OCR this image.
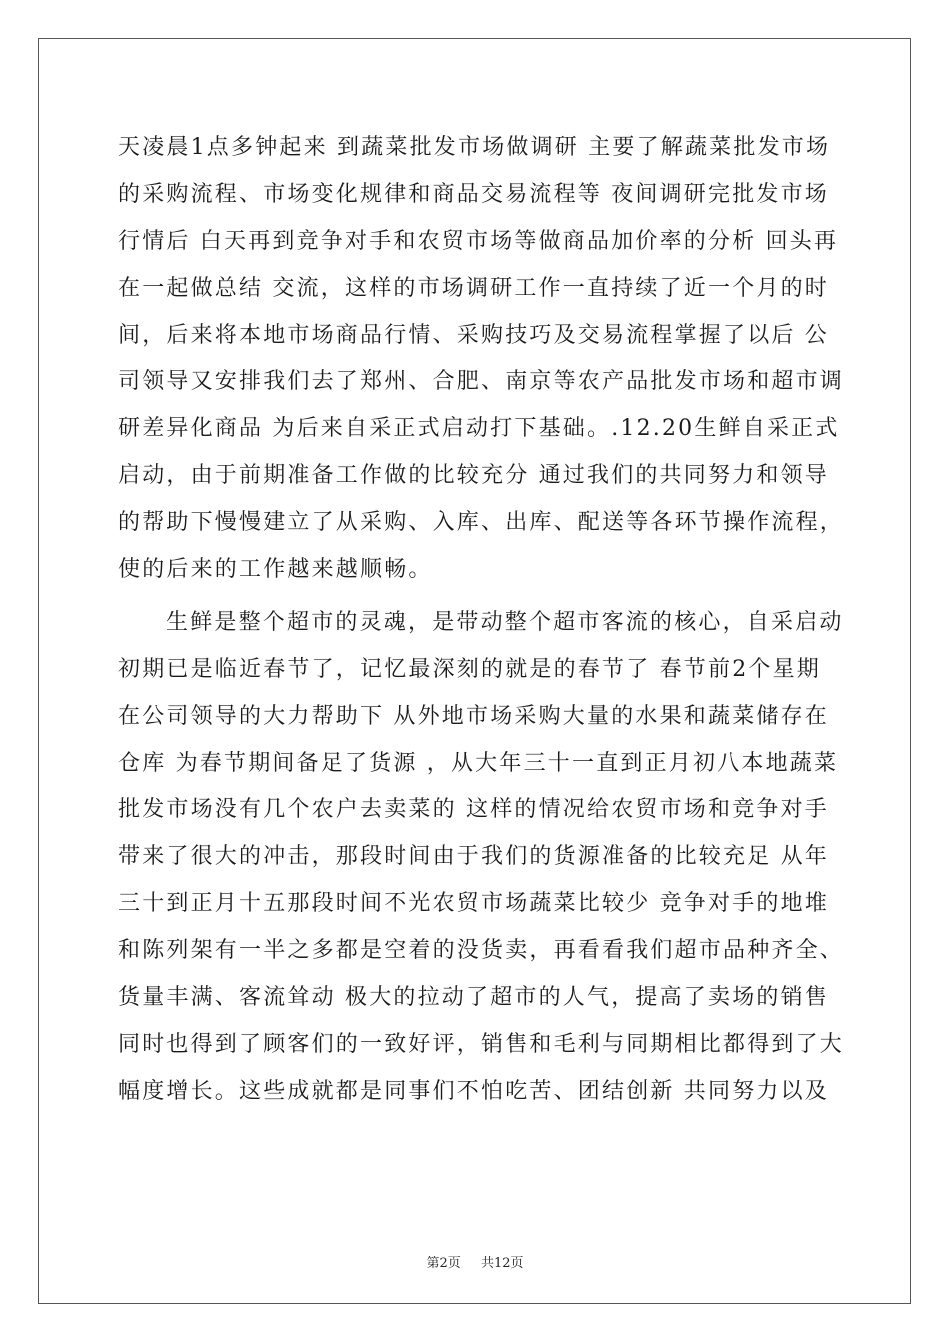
天凌晨1点多钟起来 到蔬菜批发市场做调研 主要了解蔬菜批发市场
的采购流程、市场变化规律和商品交易流程等 夜间调研完批发市场
行情后 白天再到竞争对手和农贸市场等做商品加价率的分析 回头再
在一起做总结 交流，这样的市场调研工作一直持续了近一个月的时
间，后来将本地市场商品行情、采购技巧及交易流程掌握了以后 公
司领导又安排我们去了郑州、合肥、南京等农产品批发市场和超市调
研差异化商品 为后来自采正式启动打下基础。.12.20生鲜自采正式
启动，由于前期准备工作做的比较充分 通过我们的共同努力和领导
的帮助下慢慢建立了从采购、入库、出库、配送等各环节操作流程，
使的后来的工作越来越顺畅。
生鲜是整个超市的灵魂，是带动整个超市客流的核心，自采启动
初期已是临近春节了，记忆最深刻的就是的春节了 春节前2个星期
在公司领导的大力帮助下 从外地市场采购大量的水果和蔬菜储存在
仓库 为春节期间备足了货源 ，从大年三十一直到正月初八本地蔬菜
批发市场没有几个农户去卖菜的 这样的情况给农贸市场和竞争对手
带来了很大的冲击，那段时间由于我们的货源准备的比较充足 从年
三十到正月十五那段时间不光农贸市场蔬菜比较少 竞争对手的地堆
和陈列架有一半之多都是空着的没货卖，再看看我们超市品种齐全、
货量丰满、客流耸动 极大的拉动了超市的人气，提高了卖场的销售
同时也得到了顾客们的一致好评，销售和毛利与同期相比都得到了大
幅度增长。这些成就都是同事们不怕吃苦、团结创新 共同努力以及
第2页 共12页
